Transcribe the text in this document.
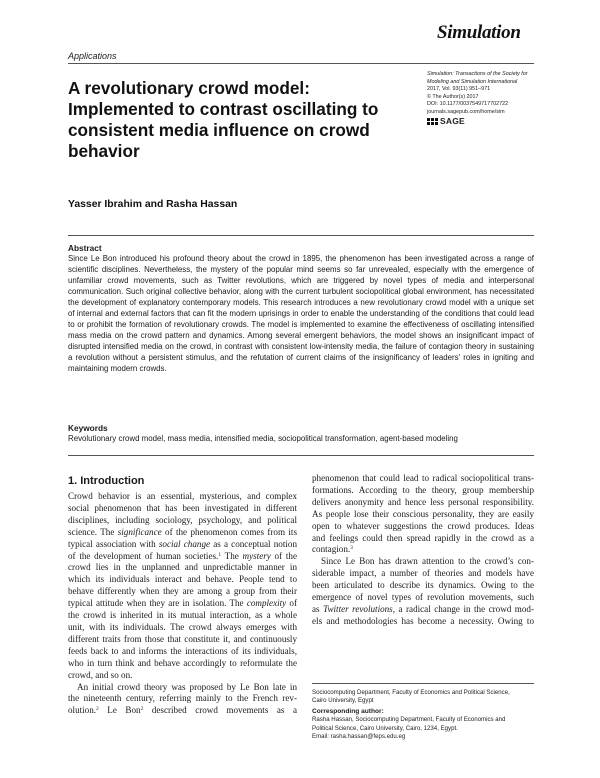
Simulation
Applications
A revolutionary crowd model: Implemented to contrast oscillating to consistent media influence on crowd behavior
Simulation: Transactions of the Society for
Modeling and Simulation International
2017, Vol. 93(11) 951–971
© The Author(s) 2017
DOI: 10.1177/0037549717702722
journals.sagepub.com/home/sim
SAGE
Yasser Ibrahim and Rasha Hassan
Abstract

Since Le Bon introduced his profound theory about the crowd in 1895, the phenomenon has been investigated across a range of scientific disciplines. Nevertheless, the mystery of the popular mind seems so far unrevealed, especially with the emergence of unfamiliar crowd movements, such as Twitter revolutions, which are triggered by novel types of media and interpersonal communication. Such original collective behavior, along with the current turbulent sociopolitical global environment, has necessitated the development of explanatory contemporary models. This research introduces a new revolutionary crowd model with a unique set of internal and external factors that can fit the modern uprisings in order to enable the understanding of the conditions that could lead to or prohibit the formation of revolutionary crowds. The model is implemented to examine the effectiveness of oscillating intensified mass media on the crowd pattern and dynamics. Among several emergent behaviors, the model shows an insignificant impact of disrupted intensified media on the crowd, in contrast with consistent low-intensity media, the failure of contagion theory in sustaining a revolution without a persistent stimulus, and the refutation of current claims of the insignificancy of leaders' roles in igniting and maintaining modern crowds.

Keywords
Revolutionary crowd model, mass media, intensified media, sociopolitical transformation, agent-based modeling
1. Introduction
Crowd behavior is an essential, mysterious, and complex
social phenomenon that has been investigated in different
disciplines, including sociology, psychology, and political
science. The significance of the phenomenon comes from its
typical association with social change as a conceptual notion
of the development of human societies.$^1$ The mystery of the
crowd lies in the unplanned and unpredictable manner in
which its individuals interact and behave. People tend to
behave differently when they are among a group from their
typical attitude when they are in isolation. The complexity of
the crowd is inherited in its mutual interaction, as a whole
unit, with its individuals. The crowd always emerges with
different traits from those that constitute it, and continuously
feeds back to and informs the interactions of its individuals,
who in turn think and behave accordingly to reformulate the
crowd, and so on.
An initial crowd theory was proposed by Le Bon late in
the nineteenth century, referring mainly to the French rev-
olution.$^2$ Le Bon$^2$ described crowd movements as a
phenomenon that could lead to radical sociopolitical trans-
formations. According to the theory, group membership
delivers anonymity and hence less personal responsibility.
As people lose their conscious personality, they are easily
open to whatever suggestions the crowd produces. Ideas
and feelings could then spread rapidly in the crowd as a
contagion.$^3$
Since Le Bon has drawn attention to the crowd’s con-
siderable impact, a number of theories and models have
been articulated to describe its dynamics. Owing to the
emergence of novel types of revolution movements, such
as Twitter revolutions, a radical change in the crowd mod-
els and methodologies has become a necessity. Owing to
Sociocomputing Department, Faculty of Economics and Political Science,
Cairo University, Egypt
Corresponding author:
Rasha Hassan, Sociocomputing Department, Faculty of Economics and
Political Science, Cairo University, Cairo, 1234, Egypt.
Email: rasha.hassan@feps.edu.eg
